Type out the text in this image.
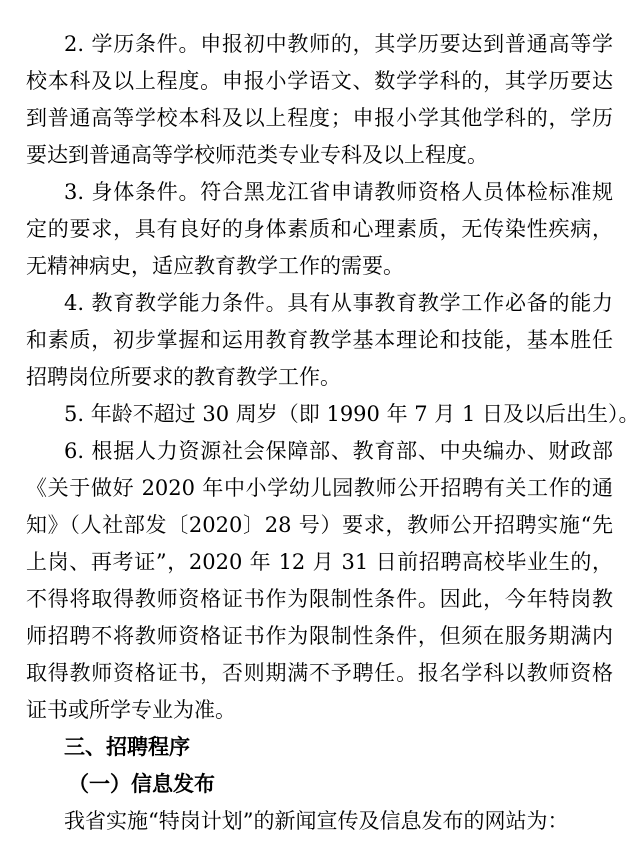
2. 学历条件。申报初中教师的，其学历要达到普通高等学
校本科及以上程度。申报小学语文、数学学科的，其学历要达
到普通高等学校本科及以上程度；申报小学其他学科的，学历
要达到普通高等学校师范类专业专科及以上程度。
3. 身体条件。符合黑龙江省申请教师资格人员体检标准规
定的要求，具有良好的身体素质和心理素质，无传染性疾病，
无精神病史，适应教育教学工作的需要。
4. 教育教学能力条件。具有从事教育教学工作必备的能力
和素质，初步掌握和运用教育教学基本理论和技能，基本胜任
招聘岗位所要求的教育教学工作。
5. 年龄不超过 30 周岁（即 1990 年 7 月 1 日及以后出生）。
6. 根据人力资源社会保障部、教育部、中央编办、财政部
《关于做好 2020 年中小学幼儿园教师公开招聘有关工作的通
知》（人社部发〔2020〕28 号）要求，教师公开招聘实施“先
上岗、再考证”，2020 年 12 月 31 日前招聘高校毕业生的，
不得将取得教师资格证书作为限制性条件。因此，今年特岗教
师招聘不将教师资格证书作为限制性条件，但须在服务期满内
取得教师资格证书，否则期满不予聘任。报名学科以教师资格
证书或所学专业为准。
三、招聘程序
（一）信息发布
我省实施“特岗计划”的新闻宣传及信息发布的网站为：
